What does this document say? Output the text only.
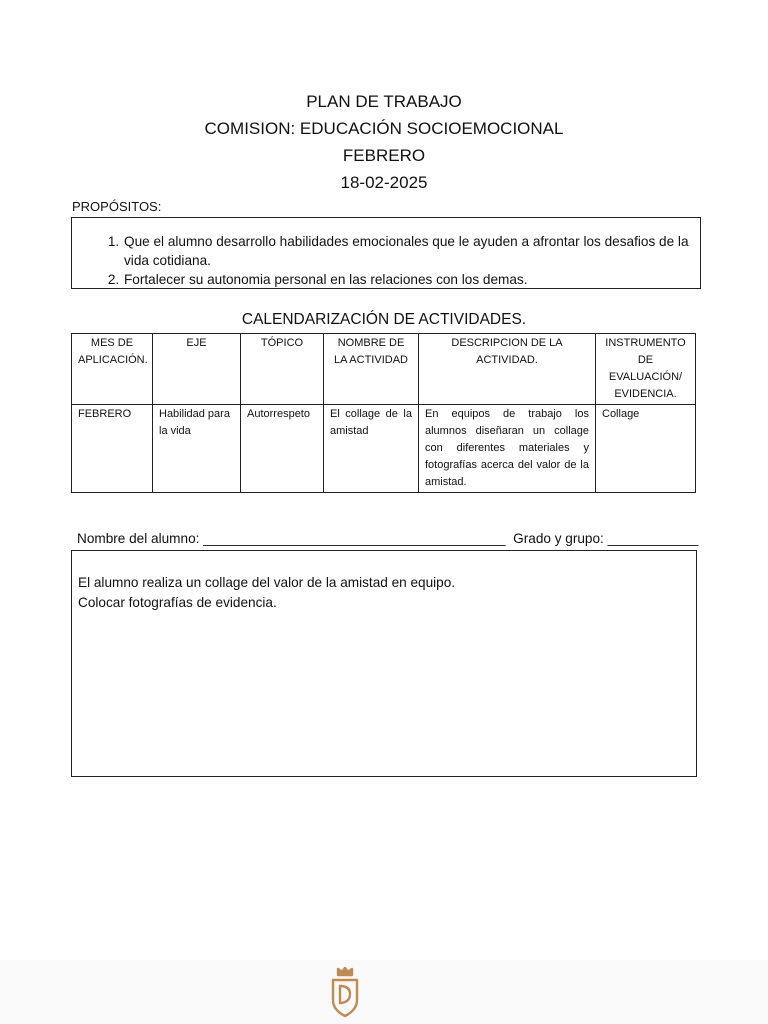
PLAN DE TRABAJO
COMISION: EDUCACIÓN SOCIOEMOCIONAL
FEBRERO
18-02-2025
PROPÓSITOS:
1. Que el alumno desarrollo habilidades emocionales que le ayuden a afrontar los desafios de la vida cotidiana.
2. Fortalecer su autonomia personal en las relaciones con los demas.
CALENDARIZACIÓN DE ACTIVIDADES.
MES DE APLICACIÓN.	EJE	TÓPICO	NOMBRE DE LA ACTIVIDAD	DESCRIPCION DE LA ACTIVIDAD.	INSTRUMENTO DE EVALUACIÓN/ EVIDENCIA.
FEBRERO	Habilidad para la vida	Autorrespeto	El collage de la amistad	En equipos de trabajo los alumnos diseñaran un collage con diferentes materiales y fotografías acerca del valor de la amistad.	Collage
Nombre del alumno: ________________________________________ Grado y grupo: ____________
El alumno realiza un collage del valor de la amistad en equipo.
Colocar fotografías de evidencia.
